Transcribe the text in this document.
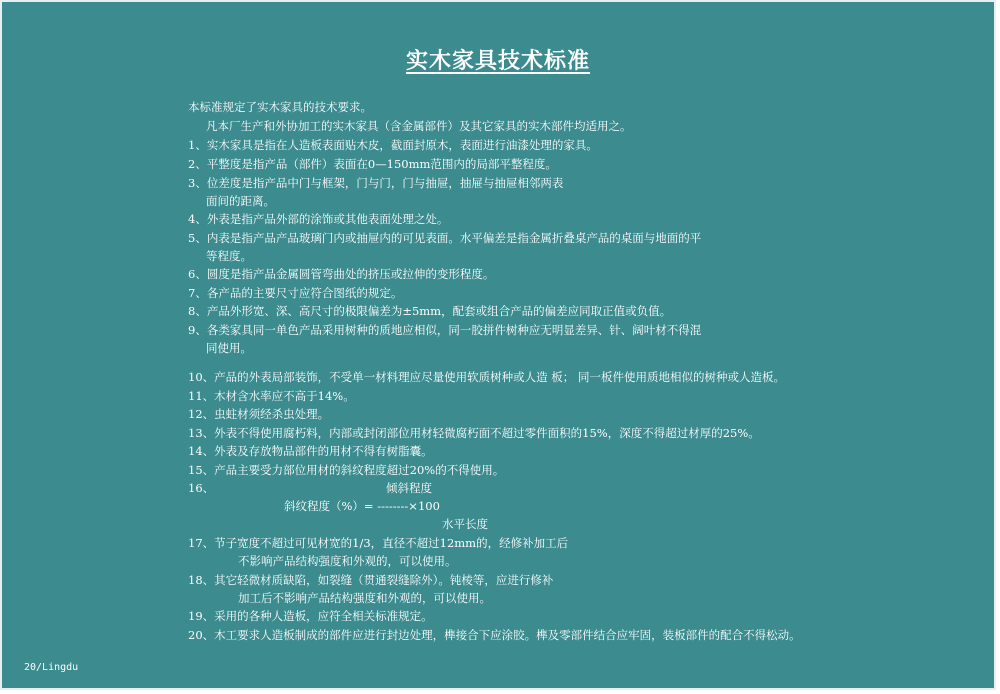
实木家具技术标准
本标准规定了实木家具的技术要求。
凡本厂生产和外协加工的实木家具（含金属部件）及其它家具的实木部件均适用之。
1、实木家具是指在人造板表面贴木皮，截面封原木，表面进行油漆处理的家具。
2、平整度是指产品（部件）表面在0—150mm范围内的局部平整程度。
3、位差度是指产品中门与框架，门与门，门与抽屉，抽屉与抽屉相邻两表
面间的距离。
4、外表是指产品外部的涂饰或其他表面处理之处。
5、内表是指产品产品玻璃门内或抽屉内的可见表面。水平偏差是指金属折叠桌产品的桌面与地面的平
等程度。
6、圆度是指产品金属圆管弯曲处的挤压或拉伸的变形程度。
7、各产品的主要尺寸应符合图纸的规定。
8、产品外形宽、深、高尺寸的极限偏差为±5mm，配套或组合产品的偏差应同取正值或负值。
9、各类家具同一单色产品采用树种的质地应相似，同一胶拼件树种应无明显差异、针、阔叶材不得混
同使用。
10、产品的外表局部装饰，不受单一材料理应尽量使用软质树种或人造 板； 同一板件使用质地相似的树种或人造板。
11、木材含水率应不高于14%。
12、虫蛀材须经杀虫处理。
13、外表不得使用腐朽料，内部或封闭部位用材轻微腐朽面不超过零件面积的15%，深度不得超过材厚的25%。
14、外表及存放物品部件的用材不得有树脂囊。
15、产品主要受力部位用材的斜纹程度超过20%的不得使用。
16、	倾斜程度
斜纹程度（%）= --------×100
水平长度
17、节子宽度不超过可见材宽的1/3，直径不超过12mm的，经修补加工后
不影响产品结构强度和外观的，可以使用。
18、其它轻微材质缺陷，如裂缝（贯通裂缝除外）。钝棱等，应进行修补
加工后不影响产品结构强度和外观的，可以使用。
19、采用的各种人造板，应符全相关标准规定。
20、木工要求人造板制成的部件应进行封边处理，榫接合下应涂胶。榫及零部件结合应牢固，装板部件的配合不得松动。
20/Lingdu
